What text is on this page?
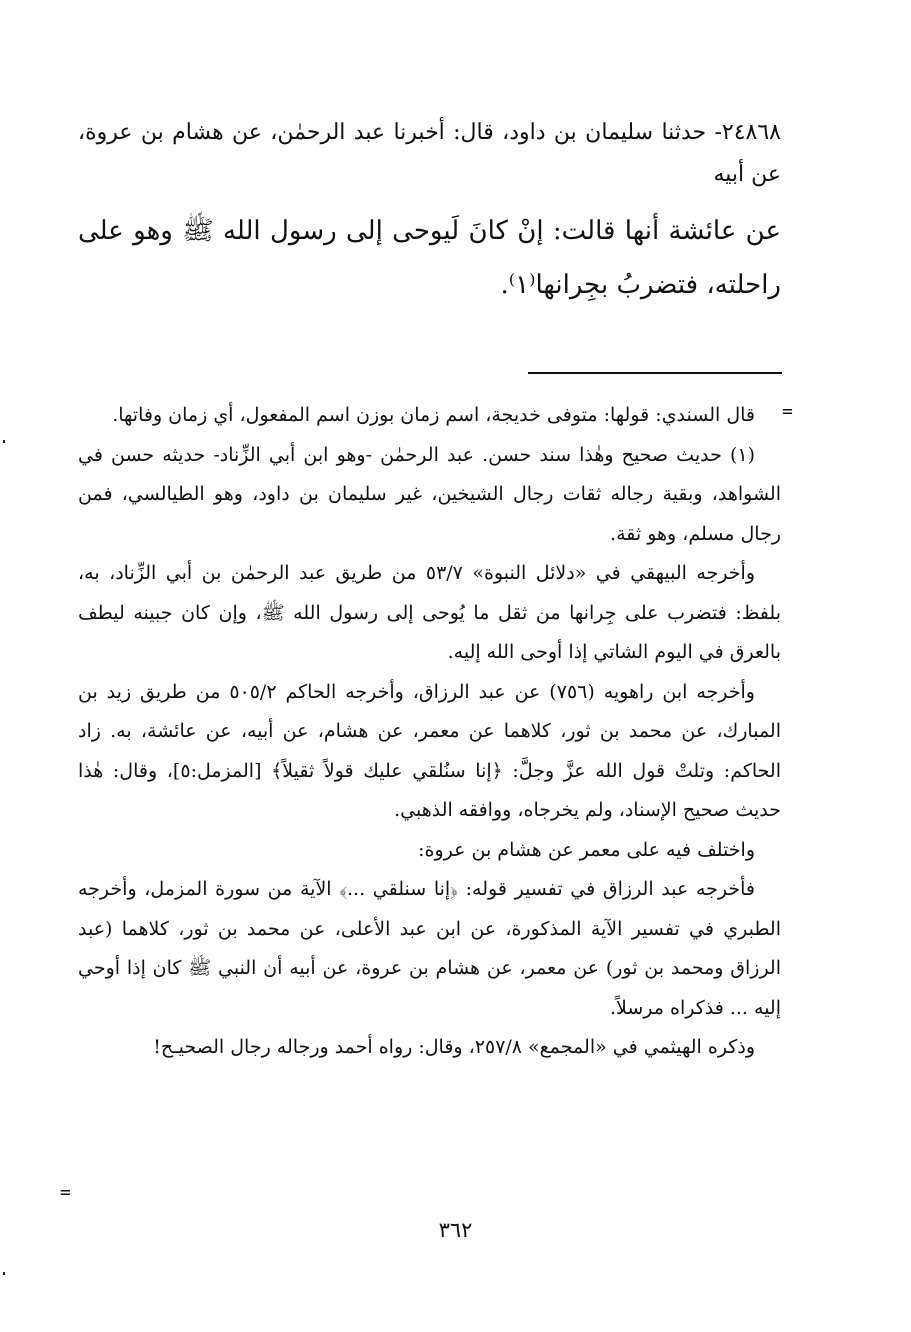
٢٤٨٦٨- حدثنا سليمان بن داود، قال: أخبرنا عبد الرحمٰن، عن هشام بن عروة، عن أبيه
عن عائشة أنها قالت: إنْ كانَ لَيوحى إلى رسول الله ﷺ وهو على راحلته، فتضربُ بجِرانها⁽١⁾.
=

قال السندي: قولها: متوفى خديجة، اسم زمان بوزن اسم المفعول، أي زمان وفاتها.

(١) حديث صحيح وهٰذا سند حسن. عبد الرحمٰن -وهو ابن أبي الزِّناد- حديثه حسن في الشواهد، وبقية رجاله ثقات رجال الشيخين، غير سليمان بن داود، وهو الطيالسي، فمن رجال مسلم، وهو ثقة.

وأخرجه البيهقي في «دلائل النبوة» ٥٣/٧ من طريق عبد الرحمٰن بن أبي الزِّناد، به، بلفظ: فتضرب على جِرانها من ثقل ما يُوحى إلى رسول الله ﷺ، وإن كان جبينه ليطف بالعرق في اليوم الشاتي إذا أوحى الله إليه.

وأخرجه ابن راهويه (٧٥٦) عن عبد الرزاق، وأخرجه الحاكم ٥٠٥/٢ من طريق زيد بن المبارك، عن محمد بن ثور، كلاهما عن معمر، عن هشام، عن أبيه، عن عائشة، به. زاد الحاكم: وتلتْ قول الله عزَّ وجلَّ: ﴿إنا سنُلقي عليك قولاً ثقيلاً﴾ [المزمل:٥]، وقال: هٰذا حديث صحيح الإسناد، ولم يخرجاه، ووافقه الذهبي.

واختلف فيه على معمر عن هشام بن عروة:

فأخرجه عبد الرزاق في تفسير قوله: ﴿إنا سنلقي ...﴾ الآية من سورة المزمل، وأخرجه الطبري في تفسير الآية المذكورة، عن ابن عبد الأعلى، عن محمد بن ثور، كلاهما (عبد الرزاق ومحمد بن ثور) عن معمر، عن هشام بن عروة، عن أبيه أن النبي ﷺ كان إذا أوحي إليه ... فذكراه مرسلاً.

وذكره الهيثمي في «المجمع» ٢٥٧/٨، وقال: رواه أحمد ورجاله رجال الصحيـح!

=
٣٦٢
